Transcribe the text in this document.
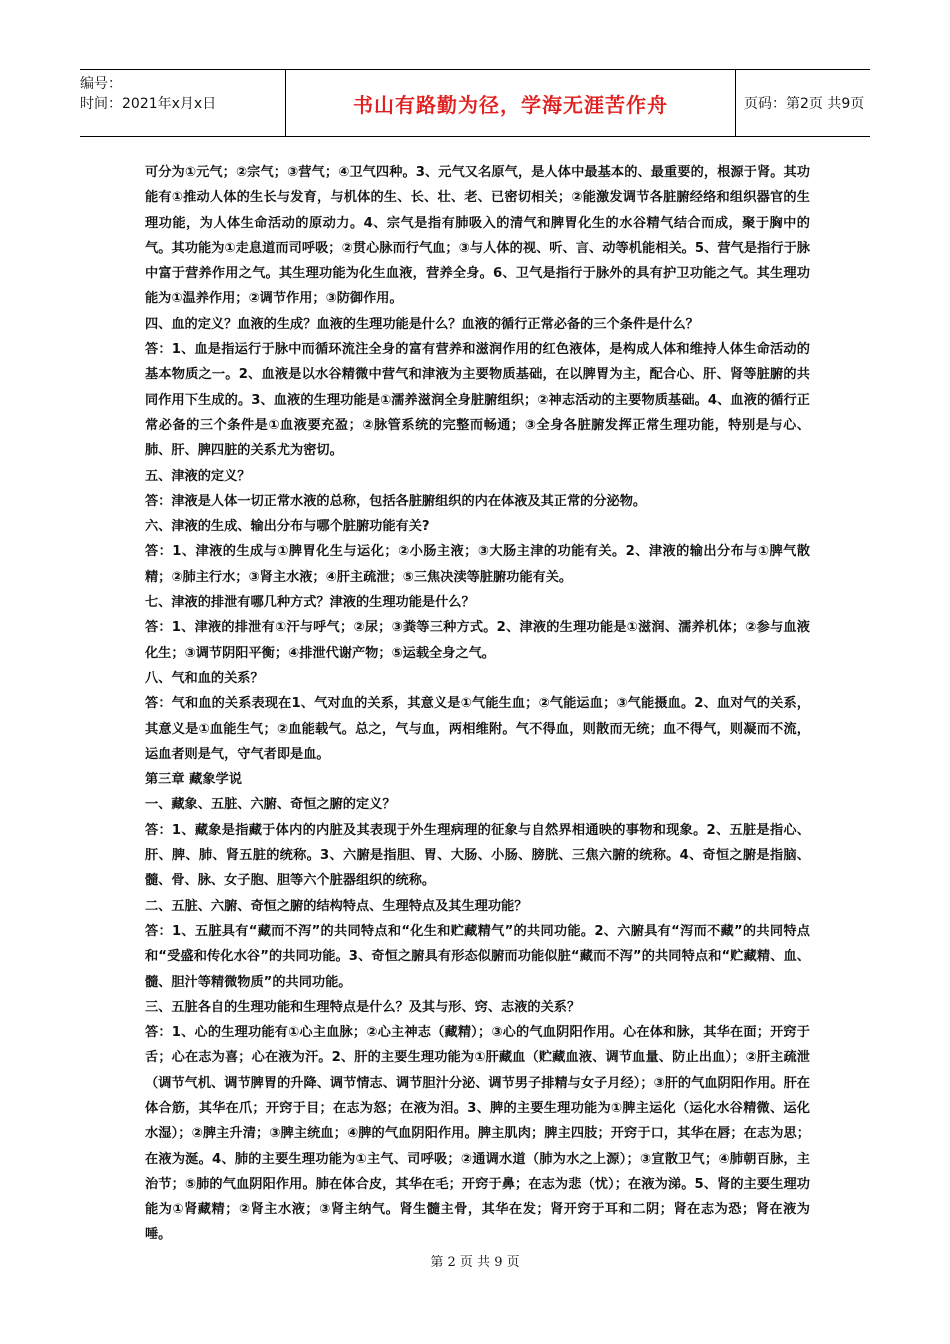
编号：
时间：2021年x月x日	书山有路勤为径，学海无涯苦作舟	页码：第2页 共9页

可分为①元气；②宗气；③营气；④卫气四种。3、元气又名原气，是人体中最基本的、最重要的，根源于肾。其功能有①推动人体的生长与发育，与机体的生、长、壮、老、已密切相关；②能激发调节各脏腑经络和组织器官的生理功能，为人体生命活动的原动力。4、宗气是指有肺吸入的清气和脾胃化生的水谷精气结合而成，聚于胸中的气。其功能为①走息道而司呼吸；②贯心脉而行气血；③与人体的视、听、言、动等机能相关。5、营气是指行于脉中富于营养作用之气。其生理功能为化生血液，营养全身。6、卫气是指行于脉外的具有护卫功能之气。其生理功能为①温养作用；②调节作用；③防御作用。

四、血的定义？血液的生成？血液的生理功能是什么？血液的循行正常必备的三个条件是什么？

答：1、血是指运行于脉中而循环流注全身的富有营养和滋润作用的红色液体，是构成人体和维持人体生命活动的基本物质之一。2、血液是以水谷精微中营气和津液为主要物质基础，在以脾胃为主，配合心、肝、肾等脏腑的共同作用下生成的。3、血液的生理功能是①濡养滋润全身脏腑组织；②神志活动的主要物质基础。4、血液的循行正常必备的三个条件是①血液要充盈；②脉管系统的完整而畅通；③全身各脏腑发挥正常生理功能，特别是与心、肺、肝、脾四脏的关系尤为密切。

五、津液的定义？

答：津液是人体一切正常水液的总称，包括各脏腑组织的内在体液及其正常的分泌物。

六、津液的生成、输出分布与哪个脏腑功能有关?

答：1、津液的生成与①脾胃化生与运化；②小肠主液；③大肠主津的功能有关。2、津液的输出分布与①脾气散精；②肺主行水；③肾主水液；④肝主疏泄；⑤三焦决渎等脏腑功能有关。

七、津液的排泄有哪几种方式？津液的生理功能是什么？

答：1、津液的排泄有①汗与呼气；②尿；③粪等三种方式。2、津液的生理功能是①滋润、濡养机体；②参与血液化生；③调节阴阳平衡；④排泄代谢产物；⑤运载全身之气。

八、气和血的关系？

答：气和血的关系表现在1、气对血的关系，其意义是①气能生血；②气能运血；③气能摄血。2、血对气的关系，其意义是①血能生气；②血能载气。总之，气与血，两相维附。气不得血，则散而无统；血不得气，则凝而不流，运血者则是气，守气者即是血。

第三章 藏象学说

一、藏象、五脏、六腑、奇恒之腑的定义？

答：1、藏象是指藏于体内的内脏及其表现于外生理病理的征象与自然界相通映的事物和现象。2、五脏是指心、肝、脾、肺、肾五脏的统称。3、六腑是指胆、胃、大肠、小肠、膀胱、三焦六腑的统称。4、奇恒之腑是指脑、髓、骨、脉、女子胞、胆等六个脏器组织的统称。

二、五脏、六腑、奇恒之腑的结构特点、生理特点及其生理功能？

答：1、五脏具有“藏而不泻”的共同特点和“化生和贮藏精气”的共同功能。2、六腑具有“泻而不藏”的共同特点和“受盛和传化水谷”的共同功能。3、奇恒之腑具有形态似腑而功能似脏“藏而不泻”的共同特点和“贮藏精、血、髓、胆汁等精微物质”的共同功能。

三、五脏各自的生理功能和生理特点是什么？及其与形、窍、志液的关系？

答：1、心的生理功能有①心主血脉；②心主神志（藏精）；③心的气血阴阳作用。心在体和脉，其华在面；开窍于舌；心在志为喜；心在液为汗。2、肝的主要生理功能为①肝藏血（贮藏血液、调节血量、防止出血）；②肝主疏泄（调节气机、调节脾胃的升降、调节情志、调节胆汁分泌、调节男子排精与女子月经）；③肝的气血阴阳作用。肝在体合筋，其华在爪；开窍于目；在志为怒；在液为泪。3、脾的主要生理功能为①脾主运化（运化水谷精微、运化水湿）；②脾主升清；③脾主统血；④脾的气血阴阳作用。脾主肌肉；脾主四肢；开窍于口，其华在唇；在志为思；在液为涎。4、肺的主要生理功能为①主气、司呼吸；②通调水道（肺为水之上源）；③宣散卫气；④肺朝百脉，主治节；⑤肺的气血阴阳作用。肺在体合皮，其华在毛；开窍于鼻；在志为悲（忧）；在液为涕。5、肾的主要生理功能为①肾藏精；②肾主水液；③肾主纳气。肾生髓主骨，其华在发；肾开窍于耳和二阴；肾在志为恐；肾在液为唾。

第 2 页 共 9 页
